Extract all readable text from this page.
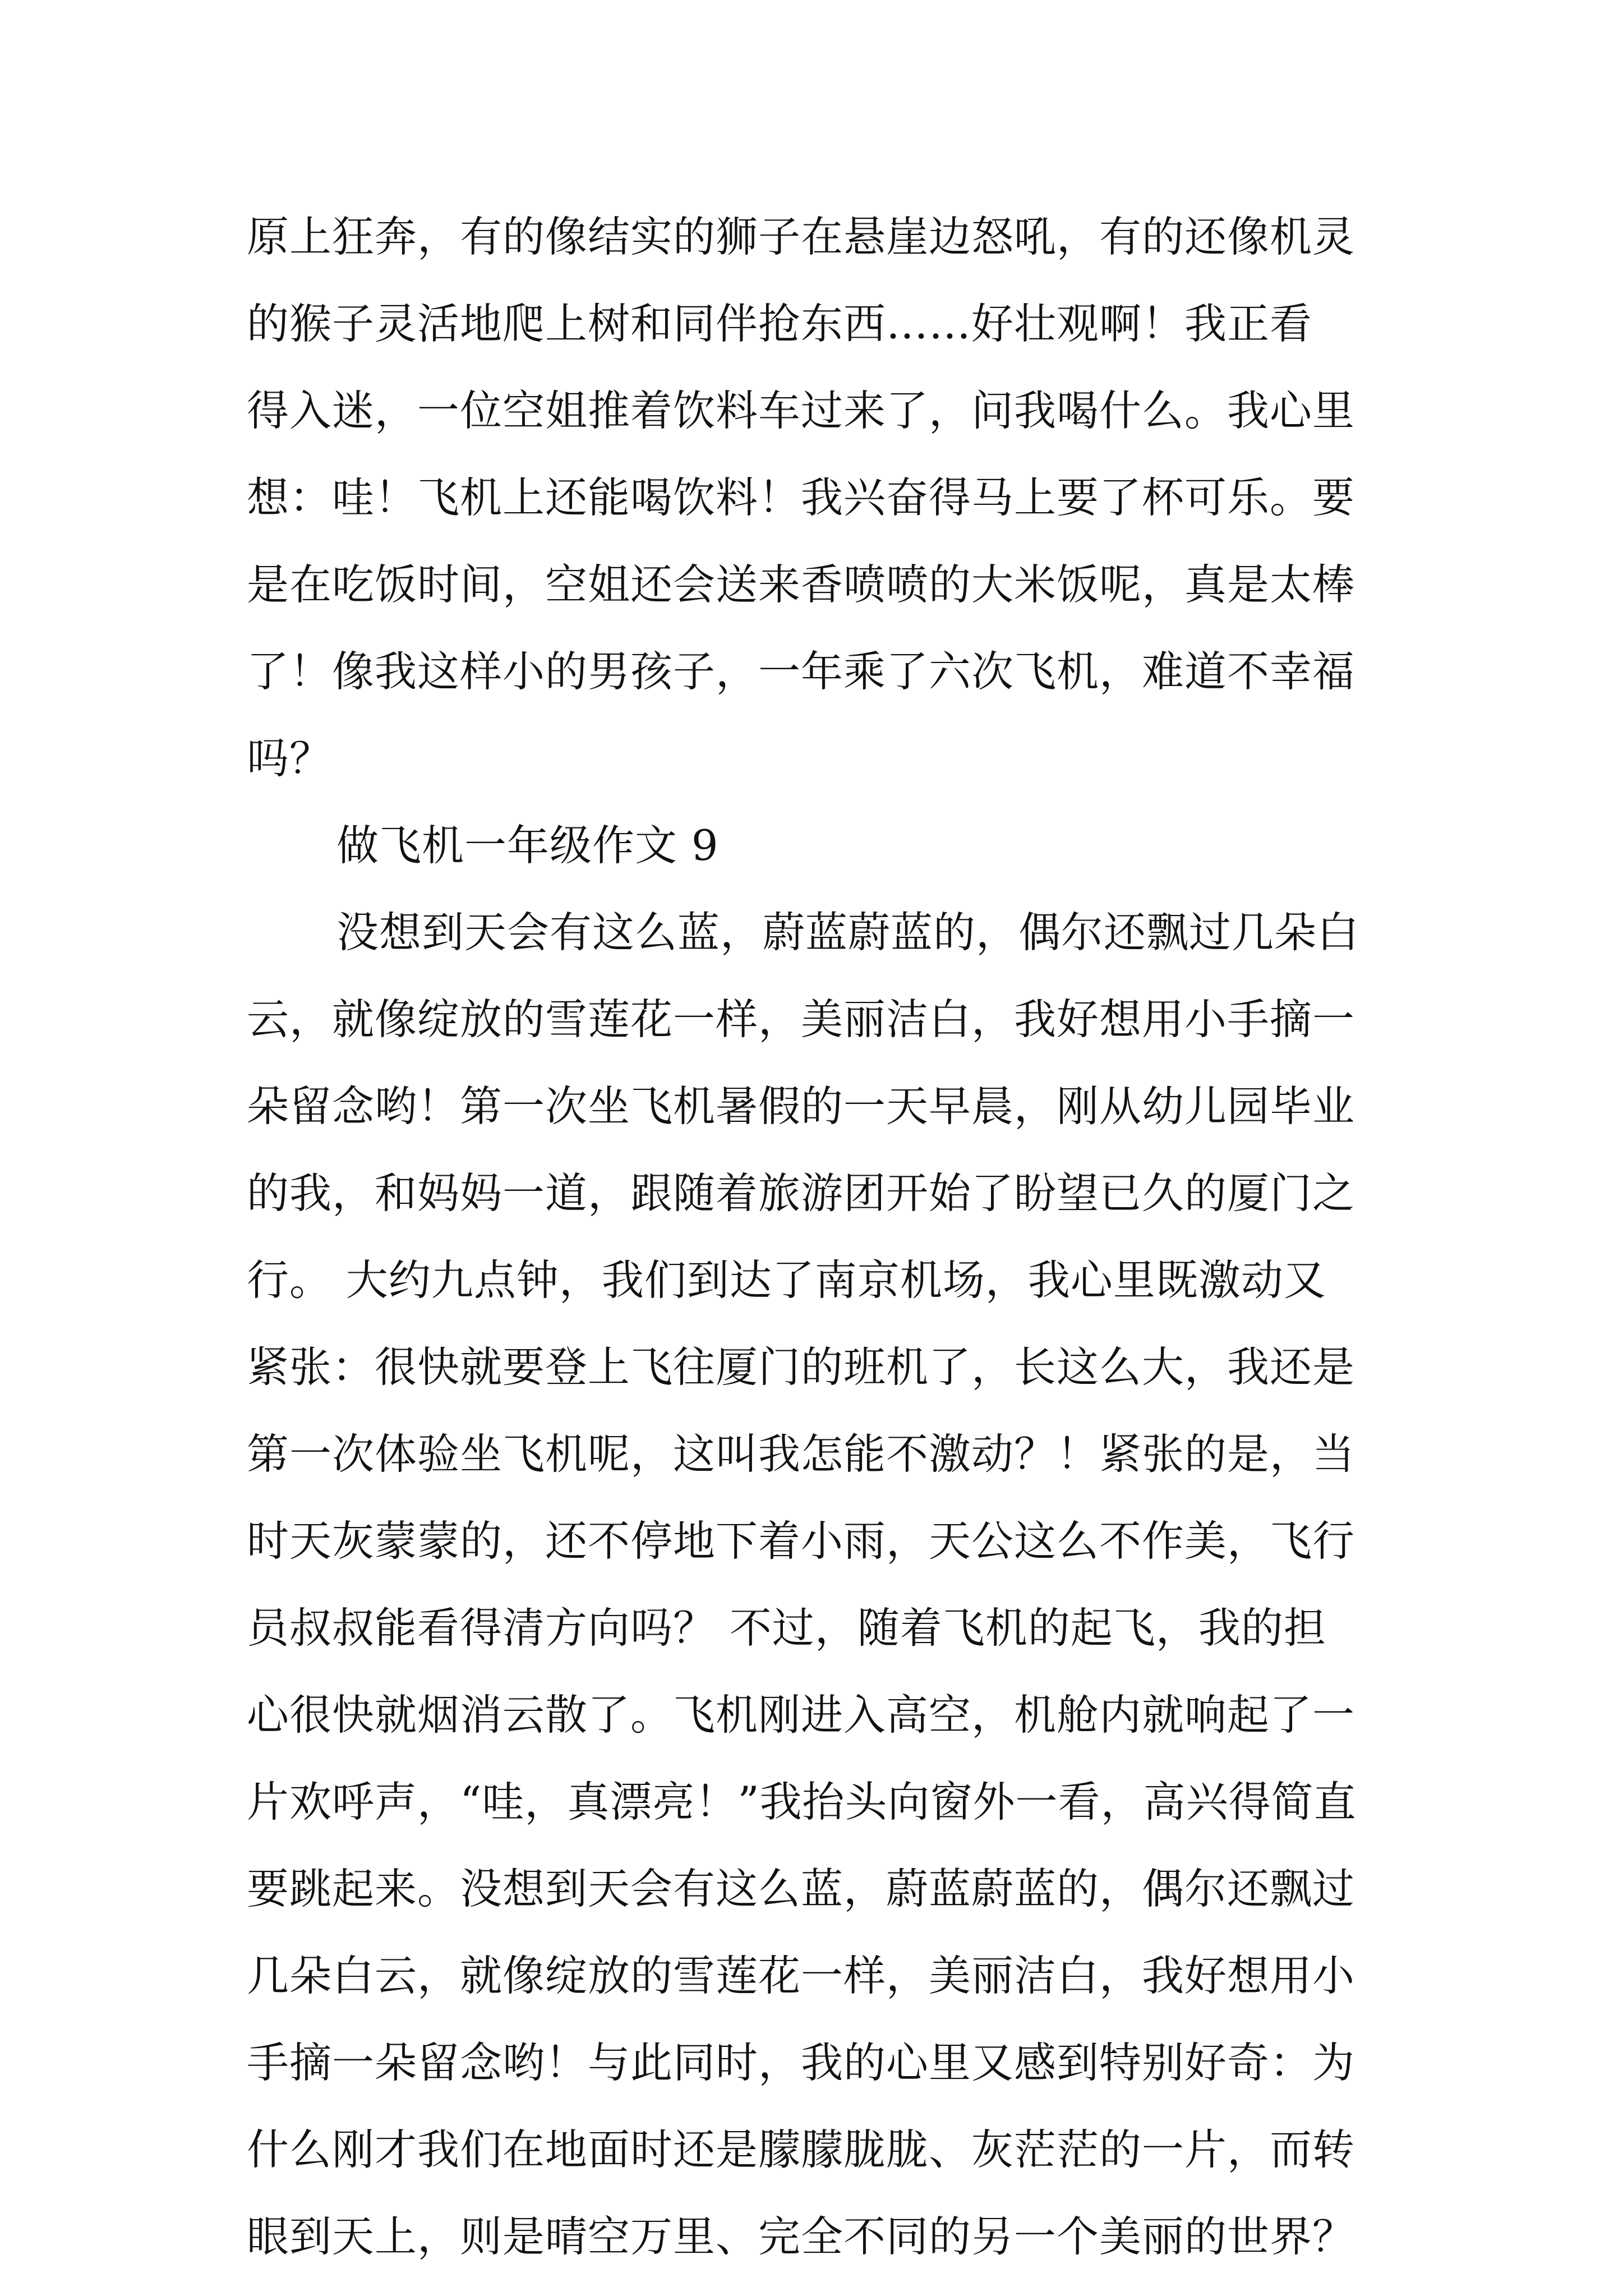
原上狂奔，有的像结实的狮子在悬崖边怒吼，有的还像机灵
的猴子灵活地爬上树和同伴抢东西……好壮观啊！我正看
得入迷，一位空姐推着饮料车过来了，问我喝什么。我心里
想：哇！飞机上还能喝饮料！我兴奋得马上要了杯可乐。要
是在吃饭时间，空姐还会送来香喷喷的大米饭呢，真是太棒
了！像我这样小的男孩子，一年乘了六次飞机，难道不幸福
吗？
做飞机一年级作文 9
没想到天会有这么蓝，蔚蓝蔚蓝的，偶尔还飘过几朵白
云，就像绽放的雪莲花一样，美丽洁白，我好想用小手摘一
朵留念哟！第一次坐飞机暑假的一天早晨，刚从幼儿园毕业
的我，和妈妈一道，跟随着旅游团开始了盼望已久的厦门之
行。 大约九点钟，我们到达了南京机场，我心里既激动又
紧张：很快就要登上飞往厦门的班机了，长这么大，我还是
第一次体验坐飞机呢，这叫我怎能不激动？！紧张的是，当
时天灰蒙蒙的，还不停地下着小雨，天公这么不作美，飞行
员叔叔能看得清方向吗？ 不过，随着飞机的起飞，我的担
心很快就烟消云散了。飞机刚进入高空，机舱内就响起了一
片欢呼声，“哇，真漂亮！”我抬头向窗外一看，高兴得简直
要跳起来。没想到天会有这么蓝，蔚蓝蔚蓝的，偶尔还飘过
几朵白云，就像绽放的雪莲花一样，美丽洁白，我好想用小
手摘一朵留念哟！与此同时，我的心里又感到特别好奇：为
什么刚才我们在地面时还是朦朦胧胧、灰茫茫的一片，而转
眼到天上，则是晴空万里、完全不同的另一个美丽的世界？
